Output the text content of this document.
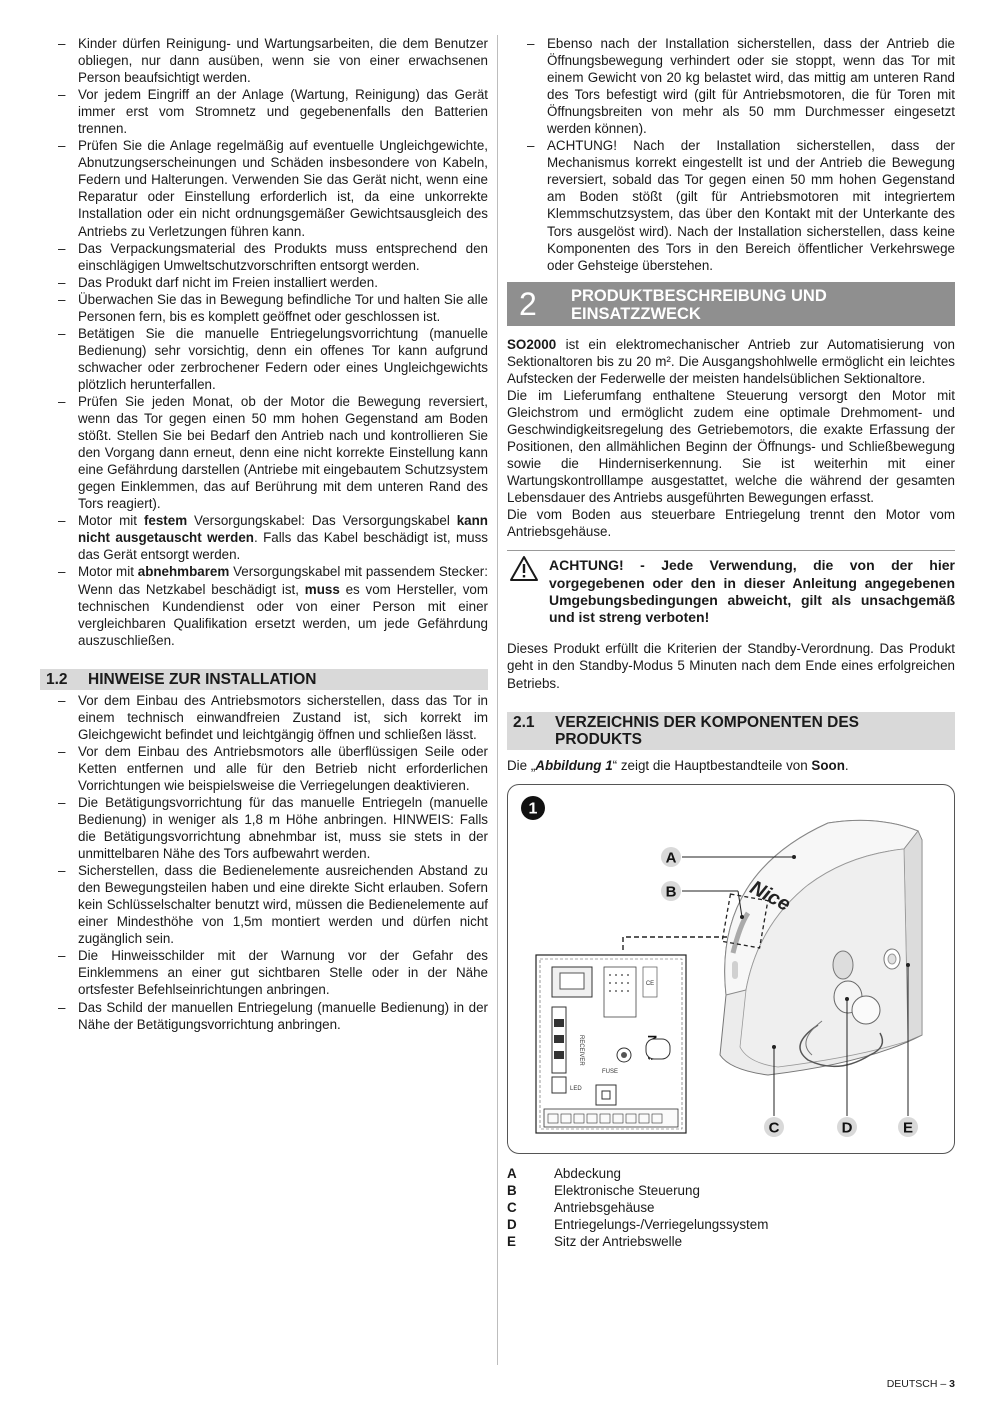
– Kinder dürfen Reinigung- und Wartungsarbeiten, die dem Benutzer obliegen, nur dann ausüben, wenn sie von einer erwachsenen Person beaufsichtigt werden.
– Vor jedem Eingriff an der Anlage (Wartung, Reinigung) das Gerät immer erst vom Stromnetz und gegebenenfalls den Batterien trennen.
– Prüfen Sie die Anlage regelmäßig auf eventuelle Ungleichgewichte, Abnutzungserscheinungen und Schäden insbesondere von Kabeln, Federn und Halterungen. Verwenden Sie das Gerät nicht, wenn eine Reparatur oder Einstellung erforderlich ist, da eine unkorrekte Installation oder ein nicht ordnungsgemäßer Gewichtsausgleich des Antriebs zu Verletzungen führen kann.
– Das Verpackungsmaterial des Produkts muss entsprechend den einschlägigen Umweltschutzvorschriften entsorgt werden.
– Das Produkt darf nicht im Freien installiert werden.
– Überwachen Sie das in Bewegung befindliche Tor und halten Sie alle Personen fern, bis es komplett geöffnet oder geschlossen ist.
– Betätigen Sie die manuelle Entriegelungsvorrichtung (manuelle Bedienung) sehr vorsichtig, denn ein offenes Tor kann aufgrund schwacher oder zerbrochener Federn oder eines Ungleichgewichts plötzlich herunterfallen.
– Prüfen Sie jeden Monat, ob der Motor die Bewegung reversiert, wenn das Tor gegen einen 50 mm hohen Gegenstand am Boden stößt. Stellen Sie bei Bedarf den Antrieb nach und kontrollieren Sie den Vorgang dann erneut, denn eine nicht korrekte Einstellung kann eine Gefährdung darstellen (Antriebe mit eingebautem Schutzsystem gegen Einklemmen, das auf Berührung mit dem unteren Rand des Tors reagiert).
– Motor mit festem Versorgungskabel: Das Versorgungskabel kann nicht ausgetauscht werden. Falls das Kabel beschädigt ist, muss das Gerät entsorgt werden.
– Motor mit abnehmbarem Versorgungskabel mit passendem Stecker: Wenn das Netzkabel beschädigt ist, muss es vom Hersteller, vom technischen Kundendienst oder von einer Person mit einer vergleichbaren Qualifikation ersetzt werden, um jede Gefährdung auszuschließen.
1.2	HINWEISE ZUR INSTALLATION
– Vor dem Einbau des Antriebsmotors sicherstellen, dass das Tor in einem technisch einwandfreien Zustand ist, sich korrekt im Gleichgewicht befindet und leichtgängig öffnen und schließen lässt.
– Vor dem Einbau des Antriebsmotors alle überflüssigen Seile oder Ketten entfernen und alle für den Betrieb nicht erforderlichen Vorrichtungen wie beispielsweise die Verriegelungen deaktivieren.
– Die Betätigungsvorrichtung für das manuelle Entriegeln (manuelle Bedienung) in weniger als 1,8 m Höhe anbringen. HINWEIS: Falls die Betätigungsvorrichtung abnehmbar ist, muss sie stets in der unmittelbaren Nähe des Tors aufbewahrt werden.
– Sicherstellen, dass die Bedienelemente ausreichenden Abstand zu den Bewegungsteilen haben und eine direkte Sicht erlauben. Sofern kein Schlüsselschalter benutzt wird, müssen die Bedienelemente auf einer Mindesthöhe von 1,5m montiert werden und dürfen nicht zugänglich sein.
– Die Hinweisschilder mit der Warnung vor der Gefahr des Einklemmens an einer gut sichtbaren Stelle oder in der Nähe ortsfester Befehlseinrichtungen anbringen.
– Das Schild der manuellen Entriegelung (manuelle Bedienung) in der Nähe der Betätigungsvorrichtung anbringen.
– Ebenso nach der Installation sicherstellen, dass der Antrieb die Öffnungsbewegung verhindert oder sie stoppt, wenn das Tor mit einem Gewicht von 20 kg belastet wird, das mittig am unteren Rand des Tors befestigt wird (gilt für Antriebsmotoren, die für Toren mit Öffnungsbreiten von mehr als 50 mm Durchmesser eingesetzt werden können).
– ACHTUNG! Nach der Installation sicherstellen, dass der Mechanismus korrekt eingestellt ist und der Antrieb die Bewegung reversiert, sobald das Tor gegen einen 50 mm hohen Gegenstand am Boden stößt (gilt für Antriebsmotoren mit integriertem Klemmschutzsystem, das über den Kontakt mit der Unterkante des Tors ausgelöst wird). Nach der Installation sicherstellen, dass keine Komponenten des Tors in den Bereich öffentlicher Verkehrswege oder Gehsteige überstehen.
2 PRODUKTBESCHREIBUNG UND
EINSATZZWECK

SO2000 ist ein elektromechanischer Antrieb zur Automatisierung von Sektionaltoren bis zu 20 m². Die Ausgangshohlwelle ermöglicht ein leichtes Aufstecken der Federwelle der meisten handelsüblichen Sektionaltore.

Die im Lieferumfang enthaltene Steuerung versorgt den Motor mit Gleichstrom und ermöglicht zudem eine optimale Drehmoment- und Geschwindigkeitsregelung des Getriebemotors, die exakte Erfassung der Positionen, den allmählichen Beginn der Öffnungs- und Schließbewegung sowie die Hinderniserkennung. Sie ist weiterhin mit einer Wartungskontrolllampe ausgestattet, welche die während der gesamten Lebensdauer des Antriebs ausgeführten Bewegungen erfasst.

Die vom Boden aus steuerbare Entriegelung trennt den Motor vom Antriebsgehäuse.

ACHTUNG! - Jede Verwendung, die von der hier vorgegebenen oder den in dieser Anleitung angegebenen Umgebungsbedingungen abweicht, gilt als unsachgemäß und ist streng verboten!

Dieses Produkt erfüllt die Kriterien der Standby-Verordnung. Das Produkt geht in den Standby-Modus 5 Minuten nach dem Ende eines erfolgreichen Betriebs.

2.1	VERZEICHNIS DER KOMPONENTEN DES
PRODUKTS

Die „Abbildung 1“ zeigt die Hauptbestandteile von Soon.

1
Nice
CE
RECEIVER
LED
FUSE
A
B
C	D	E
A	Abdeckung
B	Elektronische Steuerung
C	Antriebsgehäuse
D	Entriegelungs-/Verriegelungssystem
E	Sitz der Antriebswelle
DEUTSCH – 3
